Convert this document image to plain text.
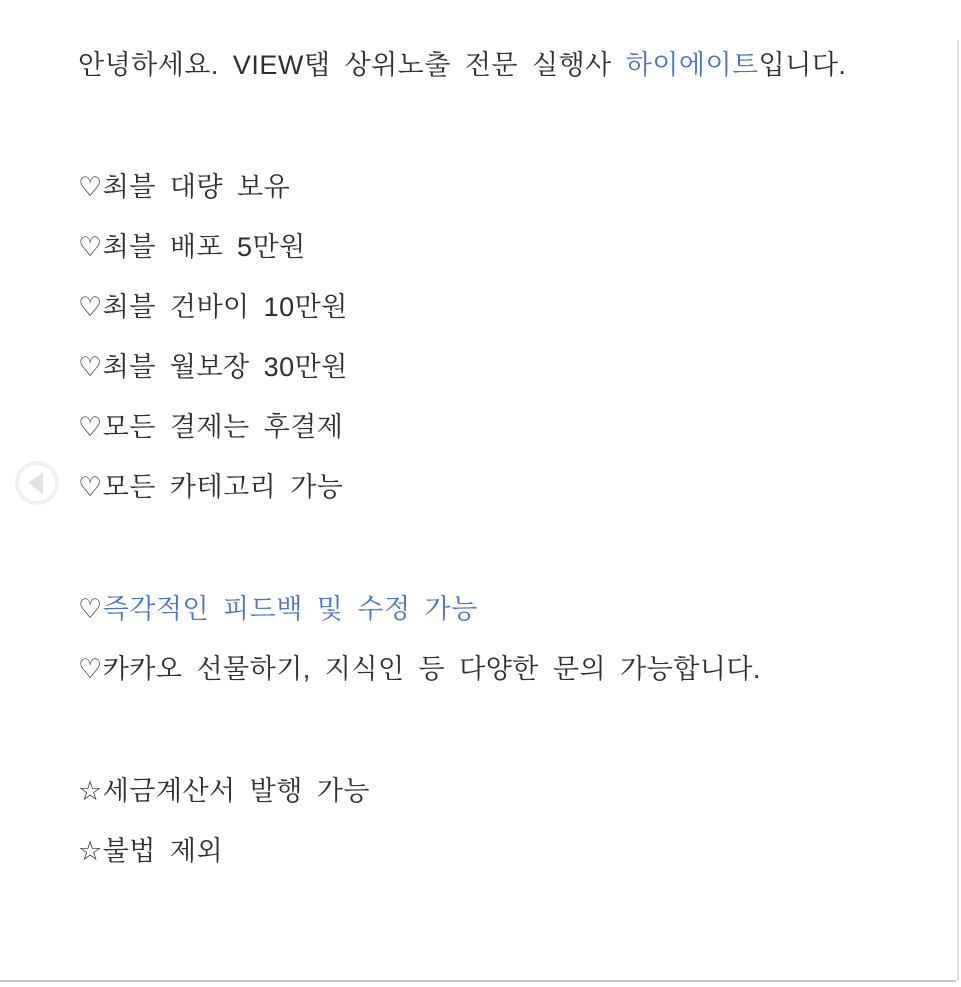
안녕하세요. VIEW탭 상위노출 전문 실행사 하이에이트입니다.
♡최블 대량 보유
♡최블 배포 5만원
♡최블 건바이 10만원
♡최블 월보장 30만원
♡모든 결제는 후결제
♡모든 카테고리 가능
♡즉각적인 피드백 및 수정 가능
♡카카오 선물하기, 지식인 등 다양한 문의 가능합니다.
☆세금계산서 발행 가능
☆불법 제외
